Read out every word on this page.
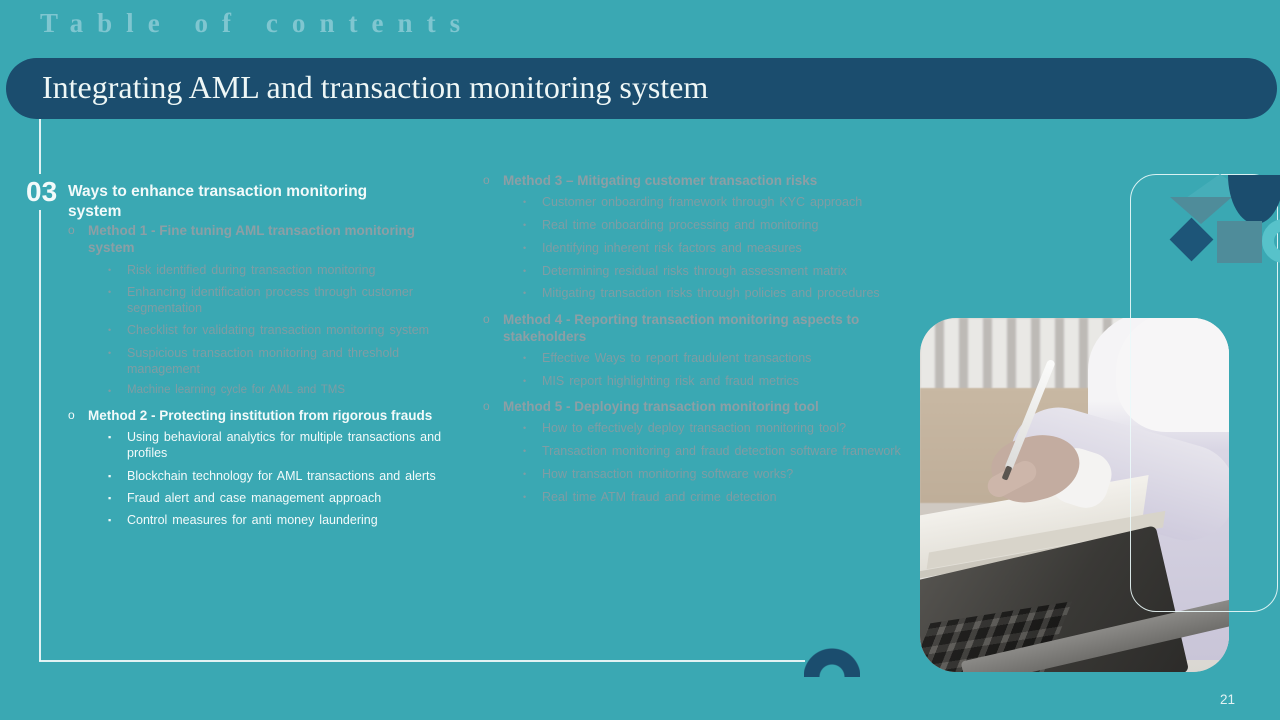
Table of contents
Integrating AML and transaction monitoring system
03 Ways to enhance transaction monitoring system
o Method 1 - Fine tuning AML transaction monitoring system
•	Risk identified during transaction monitoring
•	Enhancing identification process through customer segmentation
•	Checklist for validating transaction monitoring system
•	Suspicious transaction monitoring and threshold management
•	Machine learning cycle for AML and TMS
o Method 2 - Protecting institution from rigorous frauds
▪	Using behavioral analytics for multiple transactions and profiles
▪	Blockchain technology for AML transactions and alerts
▪	Fraud alert and case management approach
▪	Control measures for anti money laundering
o Method 3 – Mitigating customer transaction risks
•	Customer onboarding framework through KYC approach
•	Real time onboarding processing and monitoring
•	Identifying inherent risk factors and measures
•	Determining residual risks through assessment matrix
•	Mitigating transaction risks through policies and procedures
o Method 4 - Reporting transaction monitoring aspects to stakeholders
•	Effective Ways to report fraudulent transactions
•	MIS report highlighting risk and fraud metrics
o Method 5 - Deploying transaction monitoring tool
•	How to effectively deploy transaction monitoring tool?
•	Transaction monitoring and fraud detection software framework
•	How transaction monitoring software works?
•	Real time ATM fraud and crime detection
21
